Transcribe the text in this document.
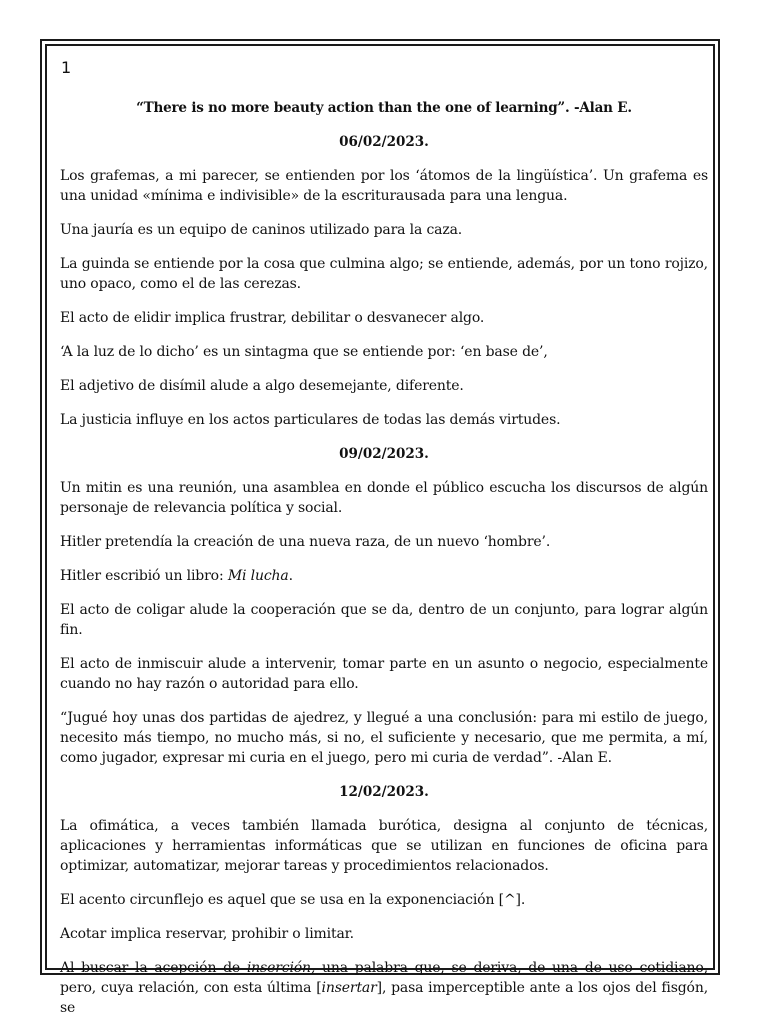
1

“There is no more beauty action than the one of learning”. -Alan E.

06/02/2023.

Los grafemas, a mi parecer, se entienden por los ‘átomos de la lingüística’. Un grafema es una unidad «mínima e indivisible» de la escriturausada para una lengua.

Una jauría es un equipo de caninos utilizado para la caza.

La guinda se entiende por la cosa que culmina algo; se entiende, además, por un tono rojizo, uno opaco, como el de las cerezas.

El acto de elidir implica frustrar, debilitar o desvanecer algo.

‘A la luz de lo dicho’ es un sintagma que se entiende por: ‘en base de’,

El adjetivo de disímil alude a algo desemejante, diferente.

La justicia influye en los actos particulares de todas las demás virtudes.

09/02/2023.

Un mitin es una reunión, una asamblea en donde el público escucha los discursos de algún personaje de relevancia política y social.

Hitler pretendía la creación de una nueva raza, de un nuevo ‘hombre’.

Hitler escribió un libro: Mi lucha.

El acto de coligar alude la cooperación que se da, dentro de un conjunto, para lograr algún fin.

El acto de inmiscuir alude a intervenir, tomar parte en un asunto o negocio, especialmente cuando no hay razón o autoridad para ello.

“Jugué hoy unas dos partidas de ajedrez, y llegué a una conclusión: para mi estilo de juego, necesito más tiempo, no mucho más, si no, el suficiente y necesario, que me permita, a mí, como jugador, expresar mi curia en el juego, pero mi curia de verdad”. -Alan E.

12/02/2023.

La ofimática, a veces también llamada burótica, designa al conjunto de técnicas, aplicaciones y herramientas informáticas que se utilizan en funciones de oficina para optimizar, automatizar, mejorar tareas y procedimientos relacionados.

El acento circunflejo es aquel que se usa en la exponenciación [^].

Acotar implica reservar, prohibir o limitar.

Al buscar la acepción de inserción, una palabra que, se deriva, de una de uso cotidiano, pero, cuya relación, con esta última [insertar], pasa imperceptible ante a los ojos del fisgón, se
